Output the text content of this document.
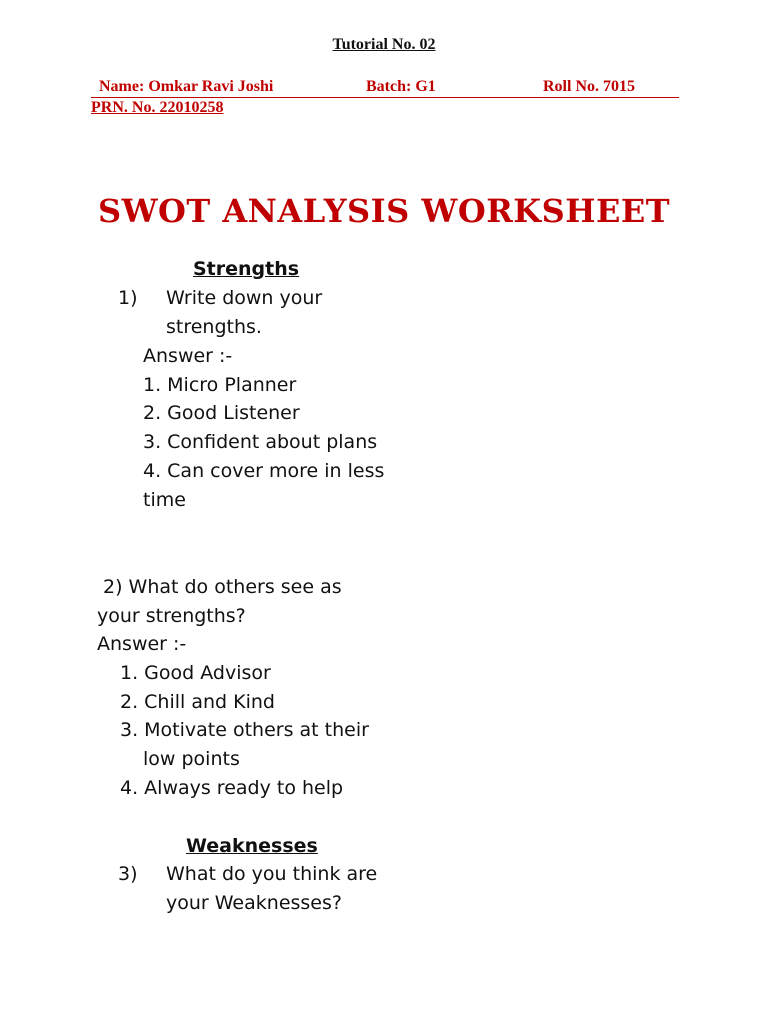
Tutorial No. 02
Name: Omkar Ravi Joshi	Batch: G1	Roll No. 7015
PRN. No. 22010258
SWOT ANALYSIS WORKSHEET
Strengths
1) Write down your
strengths.
Answer :-
1. Micro Planner
2. Good Listener
3. Confident about plans
4. Can cover more in less
time
2) What do others see as
your strengths?
Answer :-
1. Good Advisor
2. Chill and Kind
3. Motivate others at their
low points
4. Always ready to help
Weaknesses
3) What do you think are
your Weaknesses?
